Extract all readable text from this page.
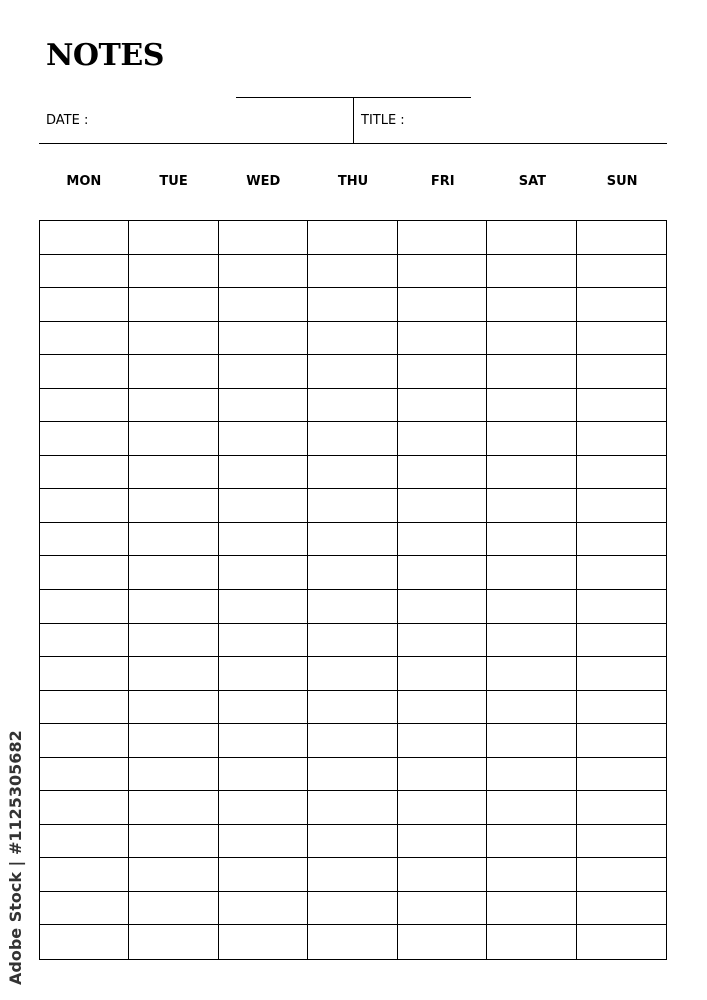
NOTES
DATE :	TITLE :
MON	TUE	WED	THU	FRI	SAT	SUN
Adobe Stock | #1125305682
